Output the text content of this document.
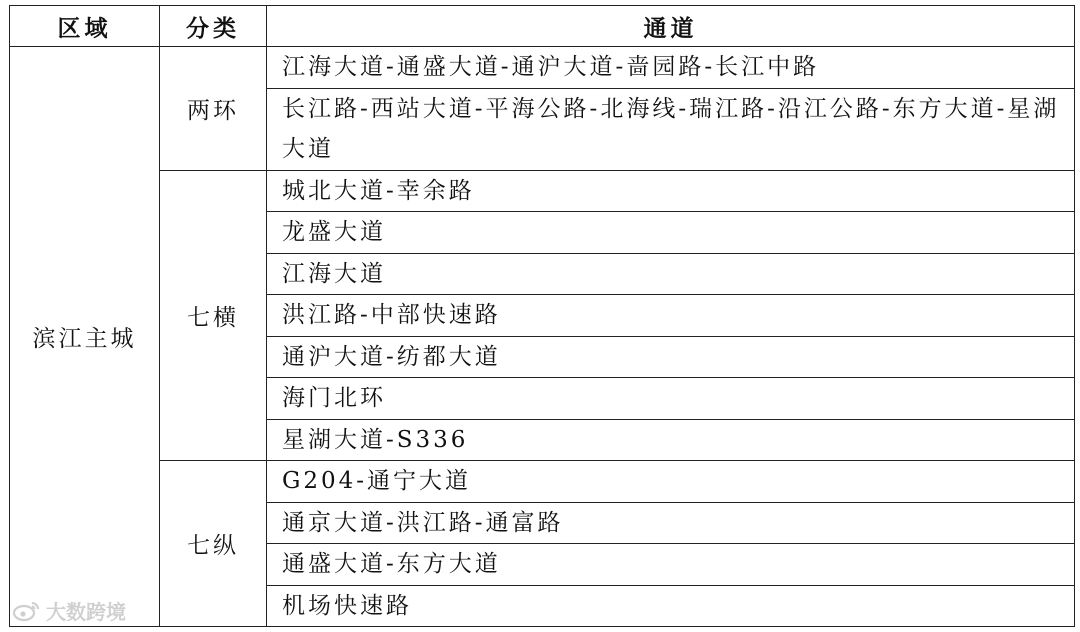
区域	分类	通道
滨江主城	两环	江海大道-通盛大道-通沪大道-啬园路-长江中路
		长江路-西站大道-平海公路-北海线-瑞江路-沿江公路-东方大道-星湖大道
	七横	城北大道-幸余路
		龙盛大道
		江海大道
		洪江路-中部快速路
		通沪大道-纺都大道
		海门北环
		星湖大道-S336
	七纵	G204-通宁大道
		通京大道-洪江路-通富路
		通盛大道-东方大道
		机场快速路
大数跨境
